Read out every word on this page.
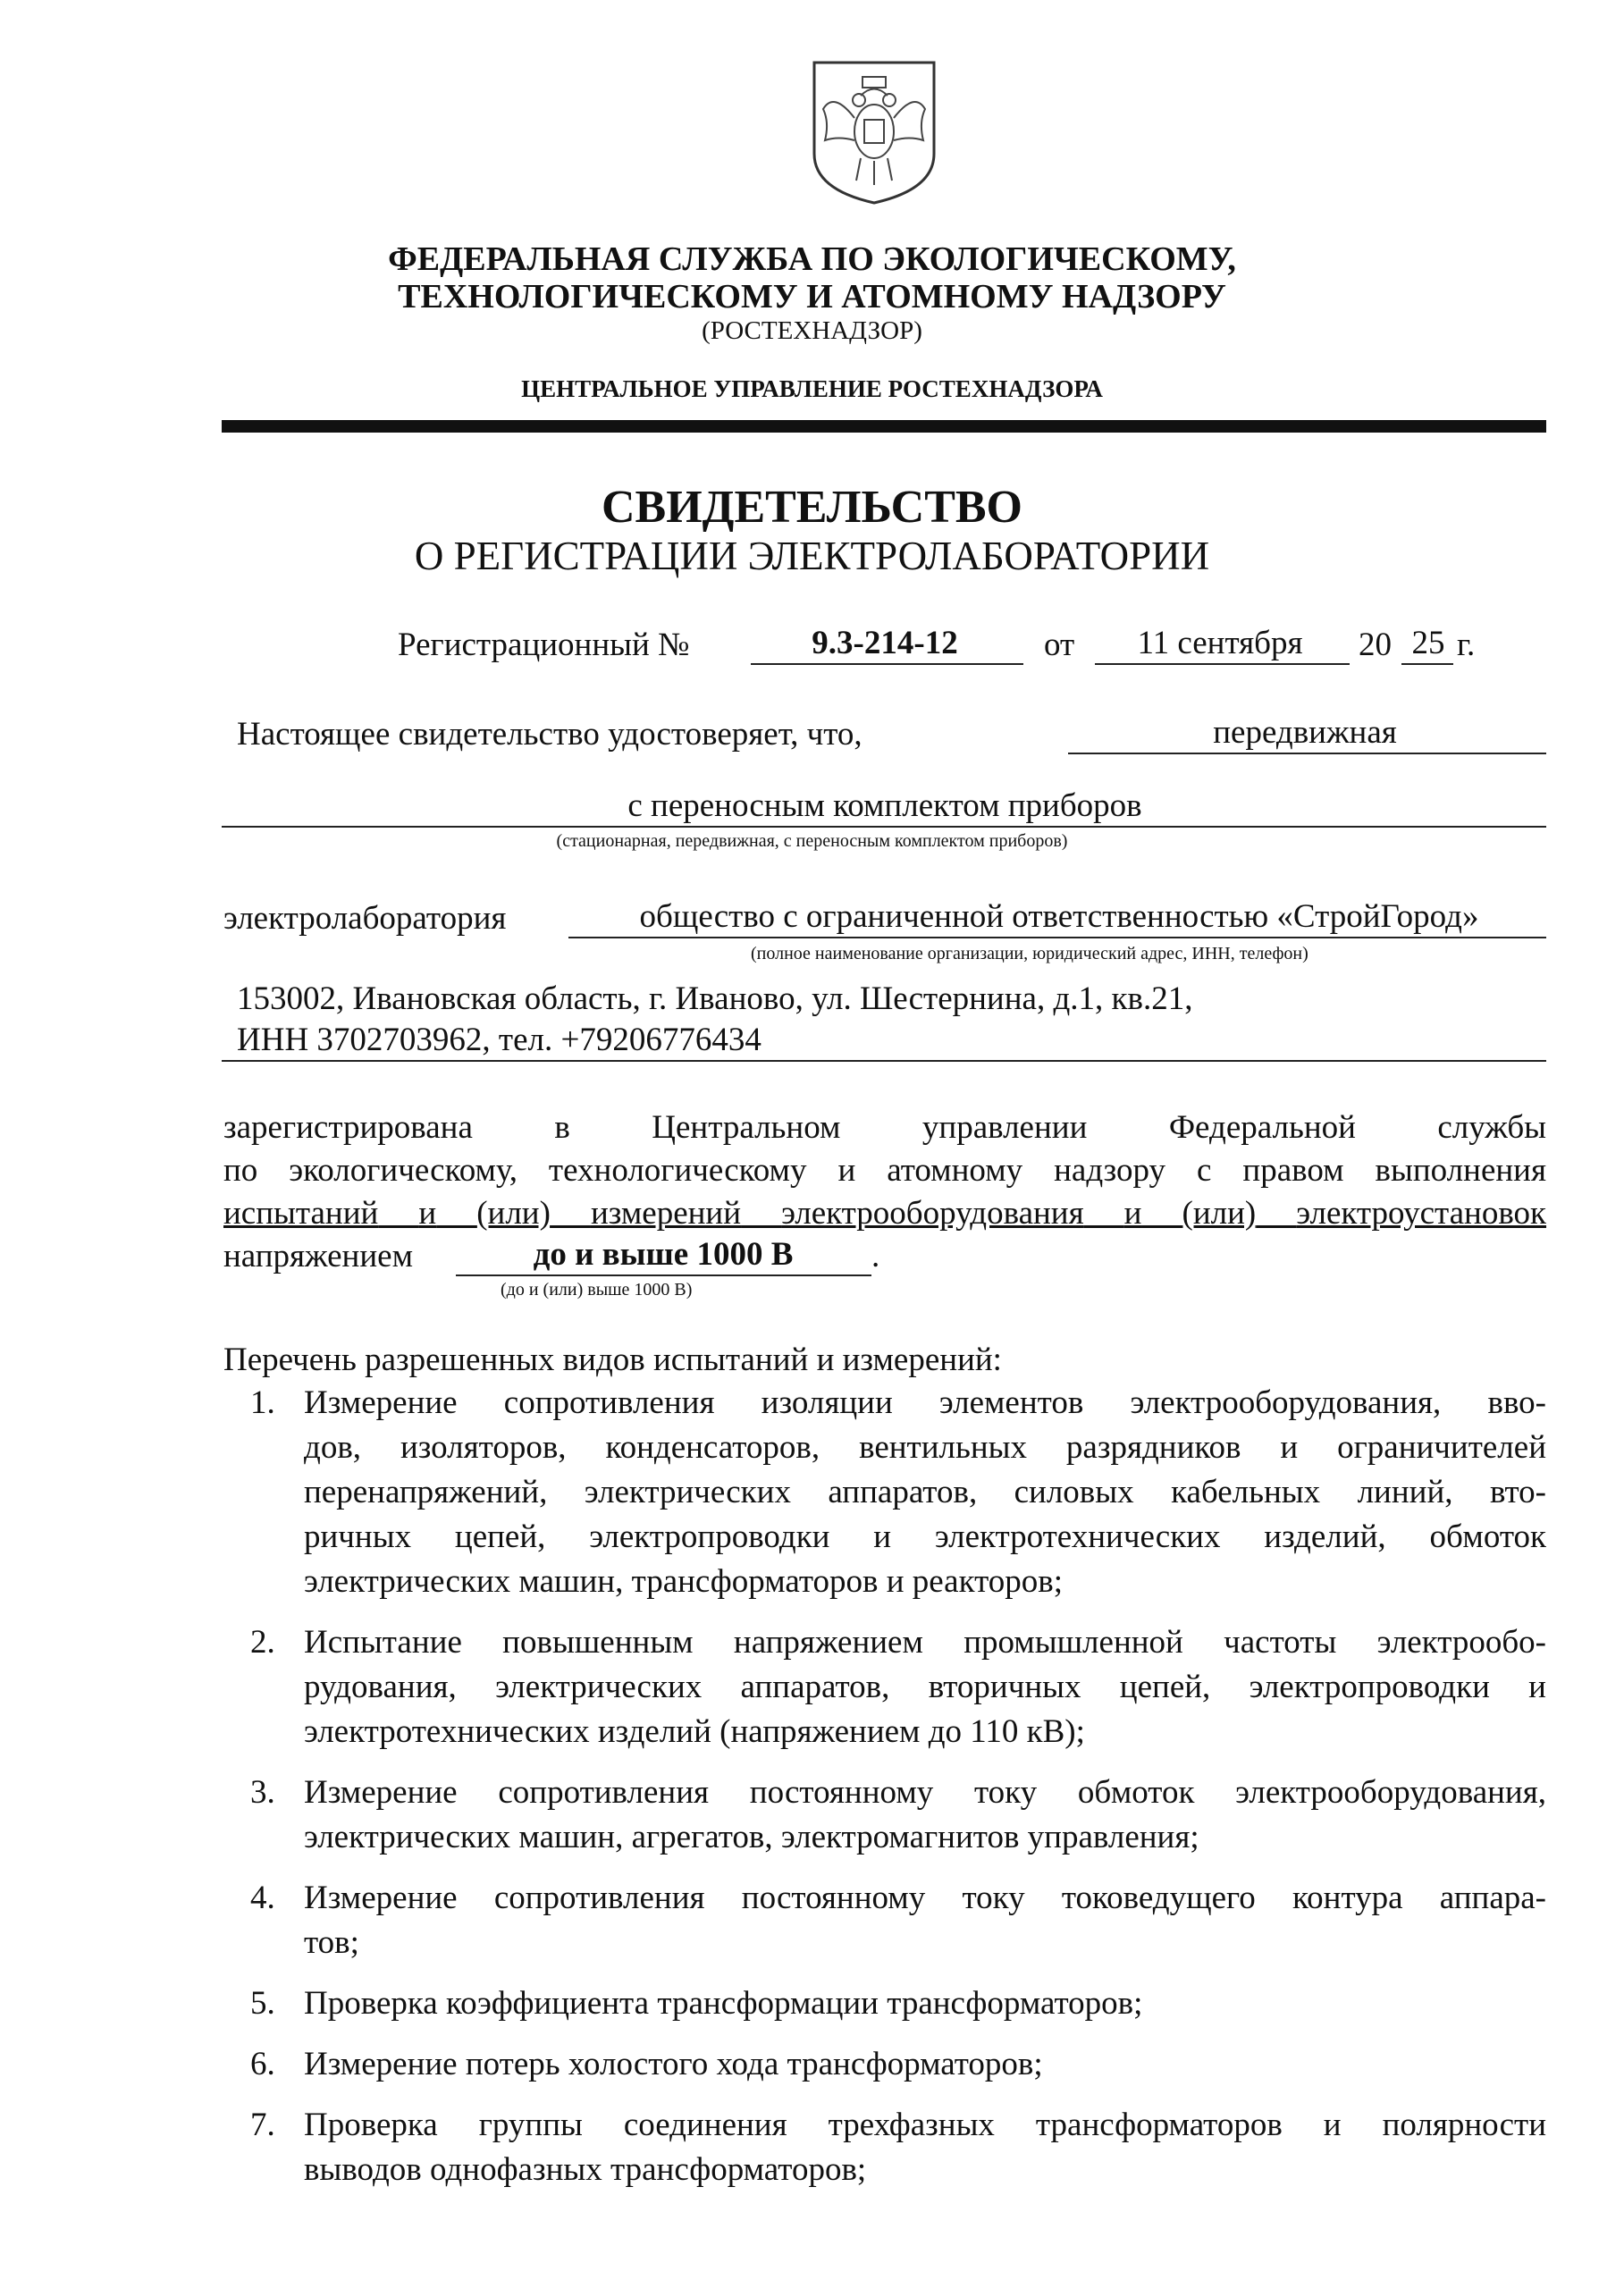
ФЕДЕРАЛЬНАЯ СЛУЖБА ПО ЭКОЛОГИЧЕСКОМУ,
ТЕХНОЛОГИЧЕСКОМУ И АТОМНОМУ НАДЗОРУ
(РОСТЕХНАДЗОР)
ЦЕНТРАЛЬНОЕ УПРАВЛЕНИЕ РОСТЕХНАДЗОРА
СВИДЕТЕЛЬСТВО
О РЕГИСТРАЦИИ ЭЛЕКТРОЛАБОРАТОРИИ
Регистрационный №	9.3-214-12	от	11 сентября	20 25 г.
Настоящее свидетельство удостоверяет, что,	передвижная
с переносным комплектом приборов
(стационарная, передвижная, с переносным комплектом приборов)
электролаборатория	общество с ограниченной ответственностью «СтройГород»
(полное наименование организации, юридический адрес, ИНН, телефон)
153002, Ивановская область, г. Иваново, ул. Шестернина, д.1, кв.21,
ИНН 3702703962, тел. +79206776434
зарегистрирована в Центральном управлении Федеральной службы
по экологическому, технологическому и атомному надзору с правом выполнения
испытаний и (или) измерений электрооборудования и (или) электроустановок
напряжением	до и выше 1000 В	.
(до и (или) выше 1000 В)
Перечень разрешенных видов испытаний и измерений:
1. Измерение сопротивления изоляции элементов электрооборудования, вво-
дов, изоляторов, конденсаторов, вентильных разрядников и ограничителей
перенапряжений, электрических аппаратов, силовых кабельных линий, вто-
ричных цепей, электропроводки и электротехнических изделий, обмоток
электрических машин, трансформаторов и реакторов;
2. Испытание повышенным напряжением промышленной частоты электрообо-
рудования, электрических аппаратов, вторичных цепей, электропроводки и
электротехнических изделий (напряжением до 110 кВ);
3. Измерение сопротивления постоянному току обмоток электрооборудования,
электрических машин, агрегатов, электромагнитов управления;
4. Измерение сопротивления постоянному току токоведущего контура аппара-
тов;
5. Проверка коэффициента трансформации трансформаторов;
6. Измерение потерь холостого хода трансформаторов;
7. Проверка группы соединения трехфазных трансформаторов и полярности
выводов однофазных трансформаторов;
